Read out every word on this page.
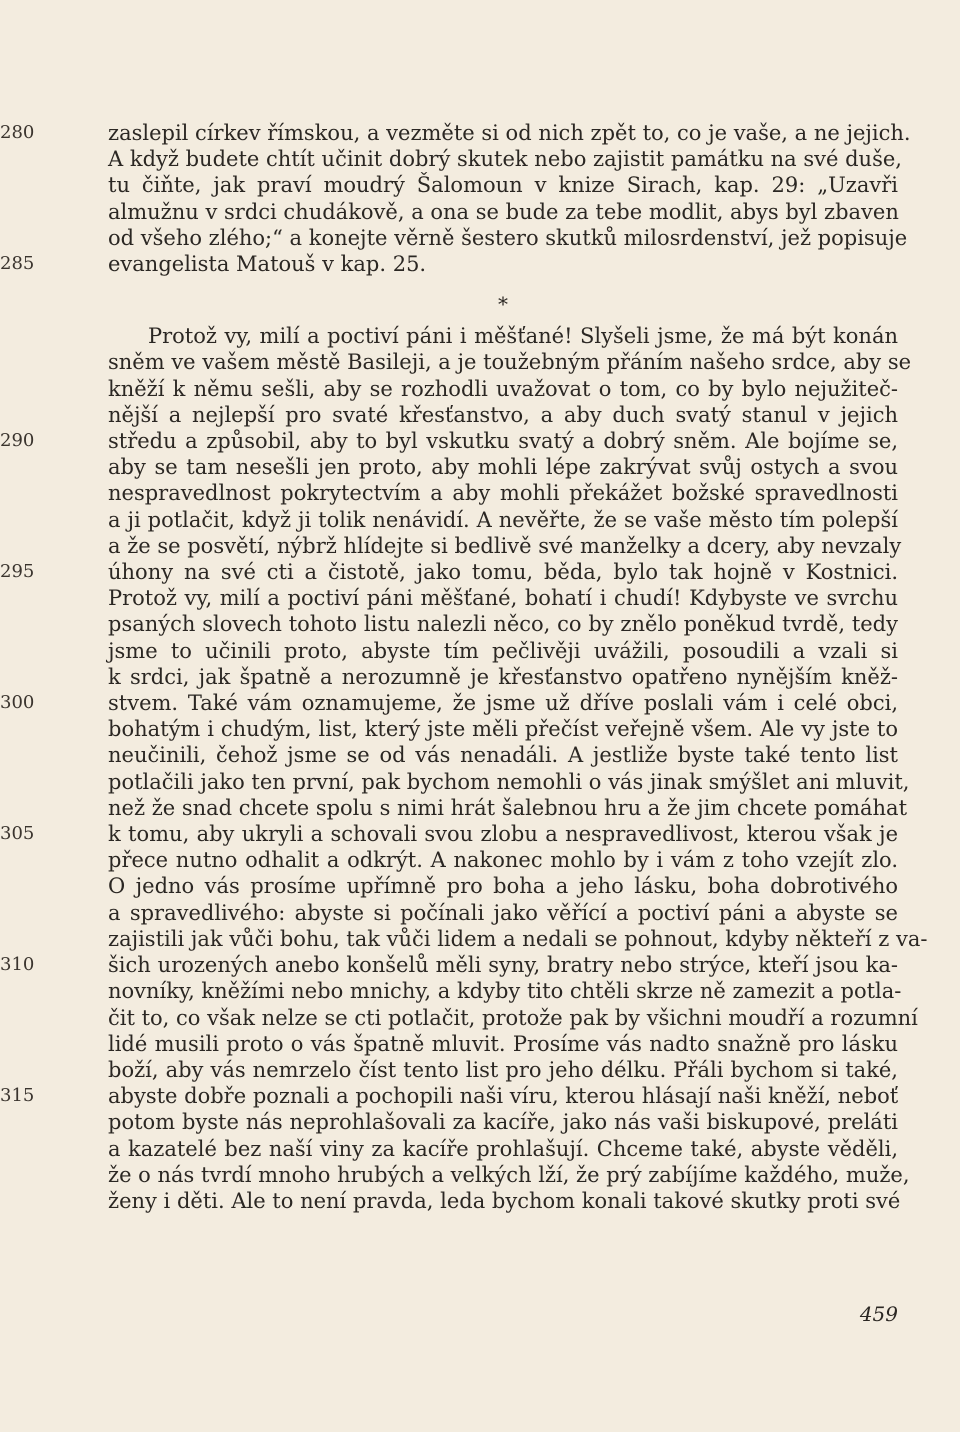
280	zaslepil církev římskou, a vezměte si od nich zpět to, co je vaše, a ne jejich.
A když budete chtít učinit dobrý skutek nebo zajistit památku na své duše,
tu čiňte, jak praví moudrý Šalomoun v knize Sirach, kap. 29: „Uzavři
almužnu v srdci chudákově, a ona se bude za tebe modlit, abys byl zbaven
od všeho zlého;“ a konejte věrně šestero skutků milosrdenství, jež popisuje
285	evangelista Matouš v kap. 25.
*
Protož vy, milí a poctiví páni i měšťané! Slyšeli jsme, že má být konán
sněm ve vašem městě Basileji, a je toužebným přáním našeho srdce, aby se
kněží k němu sešli, aby se rozhodli uvažovat o tom, co by bylo nejužiteč-
nější a nejlepší pro svaté křesťanstvo, a aby duch svatý stanul v jejich
290	středu a způsobil, aby to byl vskutku svatý a dobrý sněm. Ale bojíme se,
aby se tam nesešli jen proto, aby mohli lépe zakrývat svůj ostych a svou
nespravedlnost pokrytectvím a aby mohli překážet božské spravedlnosti
a ji potlačit, když ji tolik nenávidí. A nevěřte, že se vaše město tím polepší
a že se posvětí, nýbrž hlídejte si bedlivě své manželky a dcery, aby nevzaly
295	úhony na své cti a čistotě, jako tomu, běda, bylo tak hojně v Kostnici.
Protož vy, milí a poctiví páni měšťané, bohatí i chudí! Kdybyste ve svrchu
psaných slovech tohoto listu nalezli něco, co by znělo poněkud tvrdě, tedy
jsme to učinili proto, abyste tím pečlivěji uvážili, posoudili a vzali si
k srdci, jak špatně a nerozumně je křesťanstvo opatřeno nynějším kněž-
300	stvem. Také vám oznamujeme, že jsme už dříve poslali vám i celé obci,
bohatým i chudým, list, který jste měli přečíst veřejně všem. Ale vy jste to
neučinili, čehož jsme se od vás nenadáli. A jestliže byste také tento list
potlačili jako ten první, pak bychom nemohli o vás jinak smýšlet ani mluvit,
než že snad chcete spolu s nimi hrát šalebnou hru a že jim chcete pomáhat
305	k tomu, aby ukryli a schovali svou zlobu a nespravedlivost, kterou však je
přece nutno odhalit a odkrýt. A nakonec mohlo by i vám z toho vzejít zlo.
O jedno vás prosíme upřímně pro boha a jeho lásku, boha dobrotivého
a spravedlivého: abyste si počínali jako věřící a poctiví páni a abyste se
zajistili jak vůči bohu, tak vůči lidem a nedali se pohnout, kdyby někteří z va-
310	šich urozených anebo konšelů měli syny, bratry nebo strýce, kteří jsou ka-
novníky, kněžími nebo mnichy, a kdyby tito chtěli skrze ně zamezit a potla-
čit to, co však nelze se cti potlačit, protože pak by všichni moudří a rozumní
lidé musili proto o vás špatně mluvit. Prosíme vás nadto snažně pro lásku
boží, aby vás nemrzelo číst tento list pro jeho délku. Přáli bychom si také,
315	abyste dobře poznali a pochopili naši víru, kterou hlásají naši kněží, neboť
potom byste nás neprohlašovali za kacíře, jako nás vaši biskupové, preláti
a kazatelé bez naší viny za kacíře prohlašují. Chceme také, abyste věděli,
že o nás tvrdí mnoho hrubých a velkých lží, že prý zabíjíme každého, muže,
ženy i děti. Ale to není pravda, leda bychom konali takové skutky proti své
459
